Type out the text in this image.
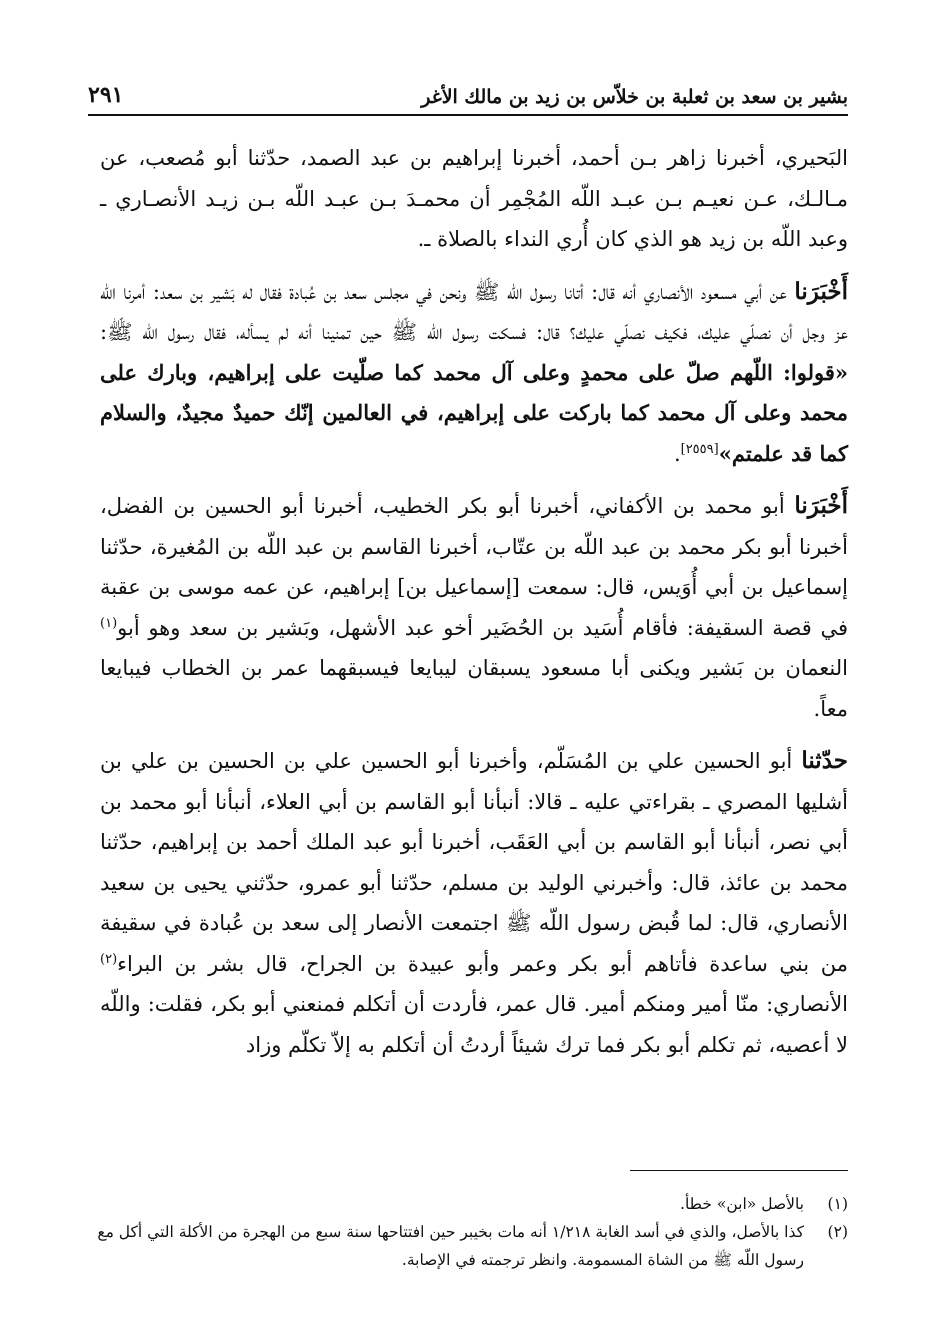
بشير بن سعد بن ثعلبة بن خلاّس بن زيد بن مالك الأغر
٢٩١

البَحيري، أخبرنا زاهر بـن أحمد، أخبرنا إبراهيم بن عبد الصمد، حدّثنا أبو مُصعب، عن مـالـك، عـن نعيـم بـن عبـد اللّه المُجْمِر أن محمـدَ بـن عبـد اللّه بـن زيـد الأنصـاري ـ وعبد اللّه بن زيد هو الذي كان أُري النداء بالصلاة ـ.

أَخْبَرَنا عن أبي مسعود الأنصاري أنه قال: أتانا رسول اللّه ﷺ ونحن في مجلس سعد بن عُبادة فقال له بَشير بن سعد: أمرنا اللّه عز وجل أن نصلّي عليك، فكيف نصلّي عليك؟ قال: فسكت رسول اللّه ﷺ حين تمنينا أنه لم يسأله، فقال رسول اللّه ﷺ: «قولوا: اللّهم صلّ على محمدٍ وعلى آل محمد كما صلّيت على إبراهيم، وبارك على محمد وعلى آل محمد كما باركت على إبراهيم، في العالمين إنّك حميدٌ مجيدٌ، والسلام كما قد علمتم»[٢٥٥٩].

أَخْبَرَنا أبو محمد بن الأكفاني، أخبرنا أبو بكر الخطيب، أخبرنا أبو الحسين بن الفضل، أخبرنا أبو بكر محمد بن عبد اللّه بن عتّاب، أخبرنا القاسم بن عبد اللّه بن المُغيرة، حدّثنا إسماعيل بن أبي أُوَيس، قال: سمعت [إسماعيل بن] إبراهيم، عن عمه موسى بن عقبة في قصة السقيفة: فأقام أُسَيد بن الحُضَير أخو عبد الأشهل، وبَشير بن سعد وهو أبو$^{(١)}$ النعمان بن بَشير ويكنى أبا مسعود يسبقان ليبايعا فيسبقهما عمر بن الخطاب فيبايعا معاً.

حدّثنا أبو الحسين علي بن المُسَلّم، وأخبرنا أبو الحسين علي بن الحسين بن علي بن أشليها المصري ـ بقراءتي عليه ـ قالا: أنبأنا أبو القاسم بن أبي العلاء، أنبأنا أبو محمد بن أبي نصر، أنبأنا أبو القاسم بن أبي العَقَب، أخبرنا أبو عبد الملك أحمد بن إبراهيم، حدّثنا محمد بن عائذ، قال: وأخبرني الوليد بن مسلم، حدّثنا أبو عمرو، حدّثني يحيى بن سعيد الأنصاري، قال: لما قُبض رسول اللّه ﷺ اجتمعت الأنصار إلى سعد بن عُبادة في سقيفة من بني ساعدة فأتاهم أبو بكر وعمر وأبو عبيدة بن الجراح، قال بشر بن البراء$^{(٢)}$ الأنصاري: منّا أمير ومنكم أمير. قال عمر، فأردت أن أتكلم فمنعني أبو بكر، فقلت: واللّه لا أعصيه، ثم تكلم أبو بكر فما ترك شيئاً أردتُ أن أتكلم به إلاّ تكلّم وزاد

(١)
بالأصل «ابن» خطأ.
(٢)
كذا بالأصل، والذي في أسد الغابة ١/٢١٨ أنه مات بخيبر حين افتتاحها سنة سبع من الهجرة من الأكلة التي أكل مع رسول اللّه ﷺ من الشاة المسمومة. وانظر ترجمته في الإصابة.
